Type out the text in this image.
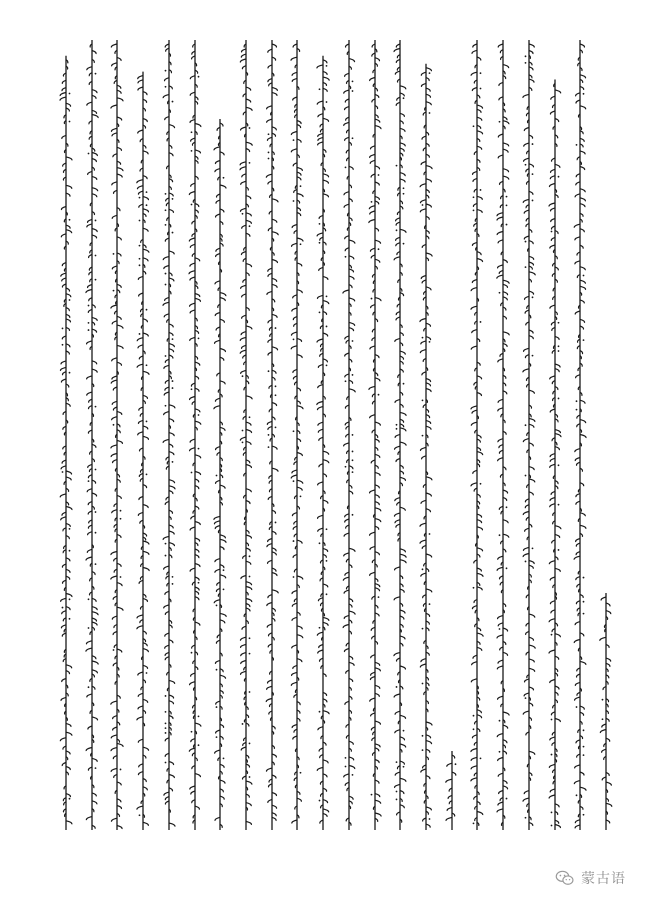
蒙古语
